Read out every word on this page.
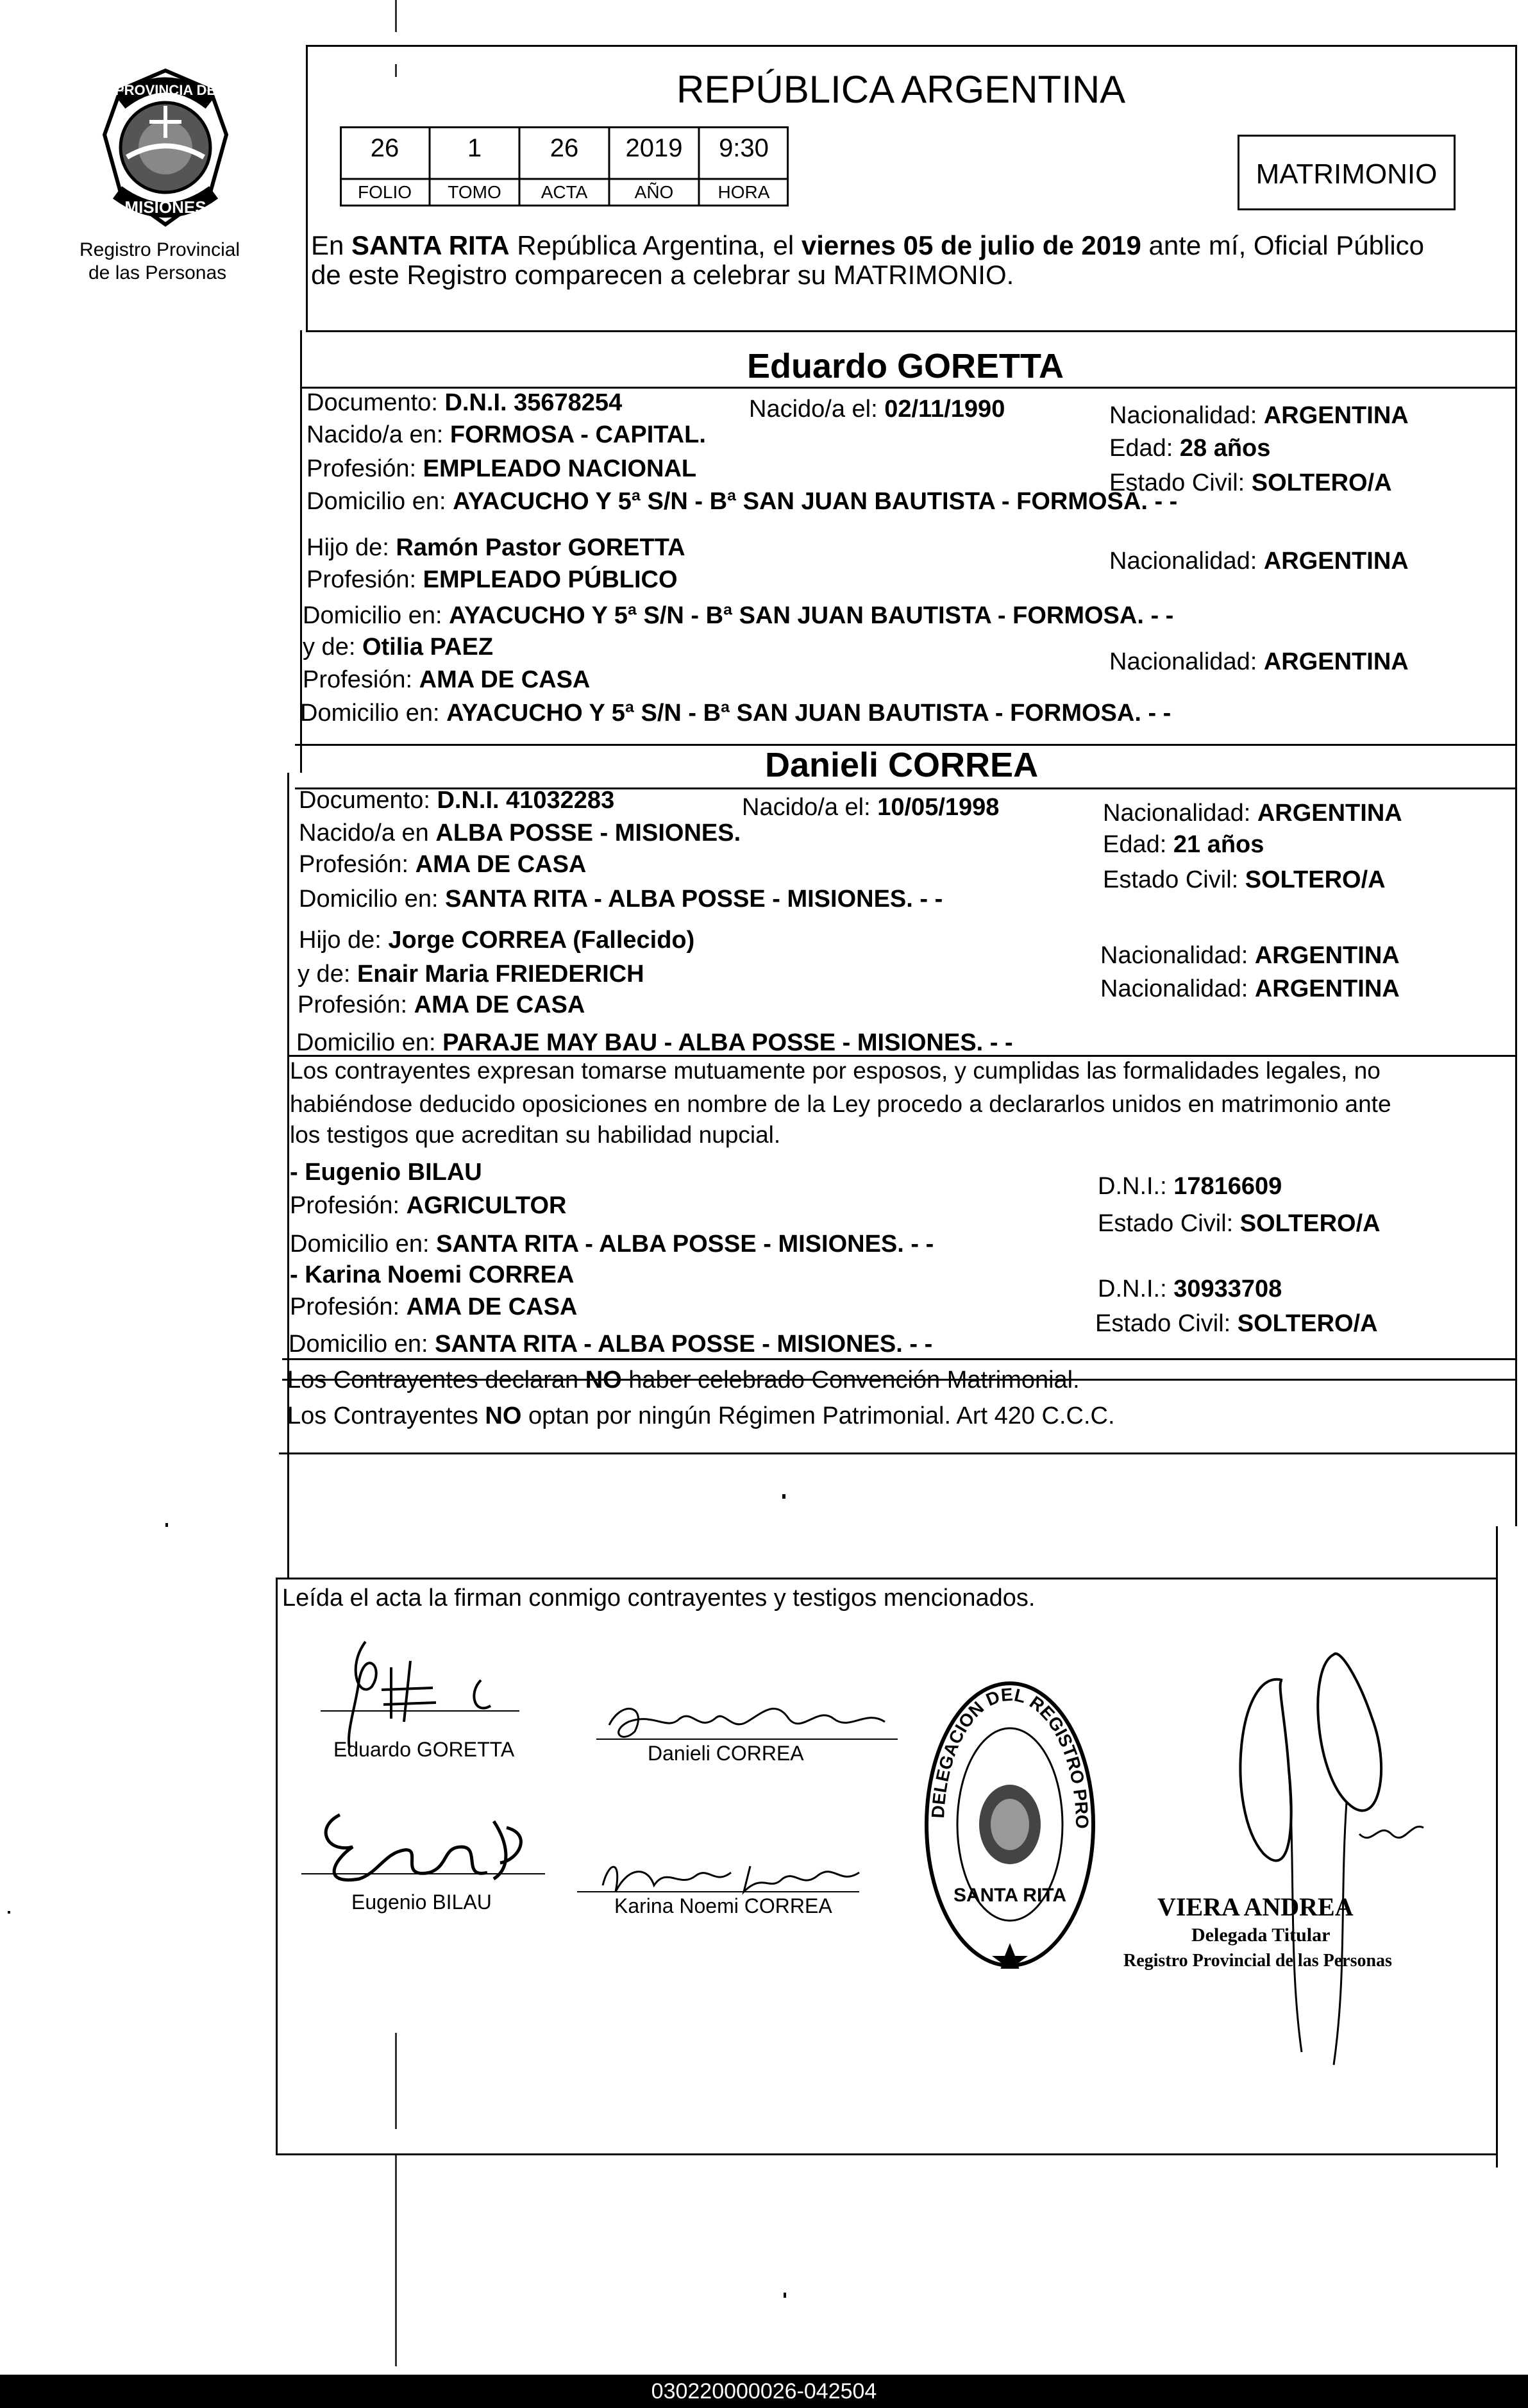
PROVINCIA DE
MISIONES
Registro Provincial
de las Personas
REPÚBLICA ARGENTINA
26	1	26	2019	9:30
FOLIO	TOMO	ACTA	AÑO	HORA
MATRIMONIO
En SANTA RITA República Argentina, el viernes 05 de julio de 2019 ante mí, Oficial Público
de este Registro comparecen a celebrar su MATRIMONIO.
Eduardo GORETTA
Documento: D.N.I. 35678254	Nacido/a el: 02/11/1990	Nacionalidad: ARGENTINA
Nacido/a en: FORMOSA - CAPITAL.	Edad: 28 años
Profesión: EMPLEADO NACIONAL
Estado Civil: SOLTERO/A
Domicilio en: AYACUCHO Y 5ª S/N - Bª SAN JUAN BAUTISTA - FORMOSA. - -
Hijo de: Ramón Pastor GORETTA	Nacionalidad: ARGENTINA
Profesión: EMPLEADO PÚBLICO
Domicilio en: AYACUCHO Y 5ª S/N - Bª SAN JUAN BAUTISTA - FORMOSA. - -
y de: Otilia PAEZ
Nacionalidad: ARGENTINA
Profesión: AMA DE CASA
Domicilio en: AYACUCHO Y 5ª S/N - Bª SAN JUAN BAUTISTA - FORMOSA. - -
Danieli CORREA
Documento: D.N.I. 41032283	Nacido/a el: 10/05/1998	Nacionalidad: ARGENTINA
Nacido/a en ALBA POSSE - MISIONES.	Edad: 21 años
Profesión: AMA DE CASA
Estado Civil: SOLTERO/A
Domicilio en: SANTA RITA - ALBA POSSE - MISIONES. - -
Hijo de: Jorge CORREA (Fallecido)
Nacionalidad: ARGENTINA
y de: Enair Maria FRIEDERICH
Nacionalidad: ARGENTINA
Profesión: AMA DE CASA
Domicilio en: PARAJE MAY BAU - ALBA POSSE - MISIONES. - -
Los contrayentes expresan tomarse mutuamente por esposos, y cumplidas las formalidades legales, no
habiéndose deducido oposiciones en nombre de la Ley procedo a declararlos unidos en matrimonio ante
los testigos que acreditan su habilidad nupcial.
- Eugenio BILAU
D.N.I.: 17816609
Profesión: AGRICULTOR
Estado Civil: SOLTERO/A
Domicilio en: SANTA RITA - ALBA POSSE - MISIONES. - -
- Karina Noemi CORREA
D.N.I.: 30933708
Profesión: AMA DE CASA
Estado Civil: SOLTERO/A
Domicilio en: SANTA RITA - ALBA POSSE - MISIONES. - -
Los Contrayentes declaran NO haber celebrado Convención Matrimonial.
Los Contrayentes NO optan por ningún Régimen Patrimonial. Art 420 C.C.C.
Leída el acta la firman conmigo contrayentes y testigos mencionados.
Eduardo GORETTA	Danieli CORREA
Eugenio BILAU	Karina Noemi CORREA
DELEGACION DEL REGISTRO PRO
SANTA RITA	VIERA ANDREA
Delegada Titular
Registro Provincial de las Personas
030220000026-042504
